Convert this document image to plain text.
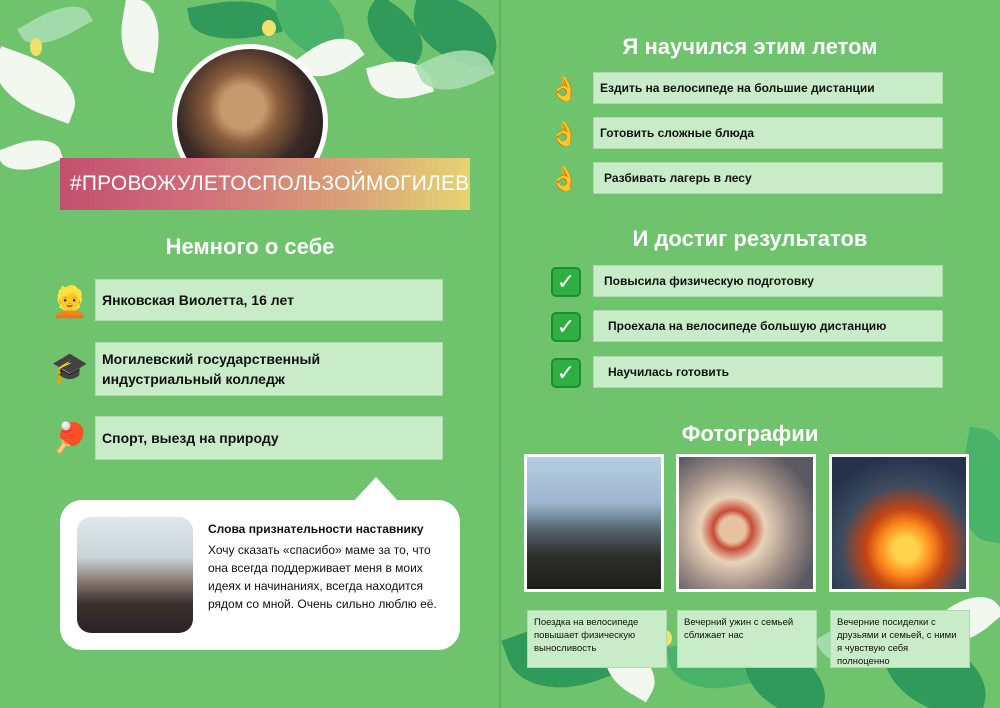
#ПРОВОЖУЛЕТОСПОЛЬЗОЙМОГИЛЕВ
Немного о себе
👱 Янковская Виолетта, 16 лет
🎓 Могилевский государственный индустриальный колледж
🏓 Спорт, выезд на природу
Слова признательности наставнику
Хочу сказать «спасибо» маме за то, что она всегда поддерживает меня в моих идеях и начинаниях, всегда находится рядом со мной. Очень сильно люблю её.
Я научился этим летом
👌 Ездить на велосипеде на большие дистанции
👌 Готовить сложные блюда
👌 Разбивать лагерь в лесу
И достиг результатов
✓	Повысила физическую подготовку
✓	Проехала на велосипеде большую дистанцию
✓	Научилась готовить
Фотографии
Поездка на велосипеде повышает физическую выносливость
Вечерний ужин с семьей сближает нас
Вечерние посиделки с друзьями и семьей, с ними я чувствую себя полноценно
